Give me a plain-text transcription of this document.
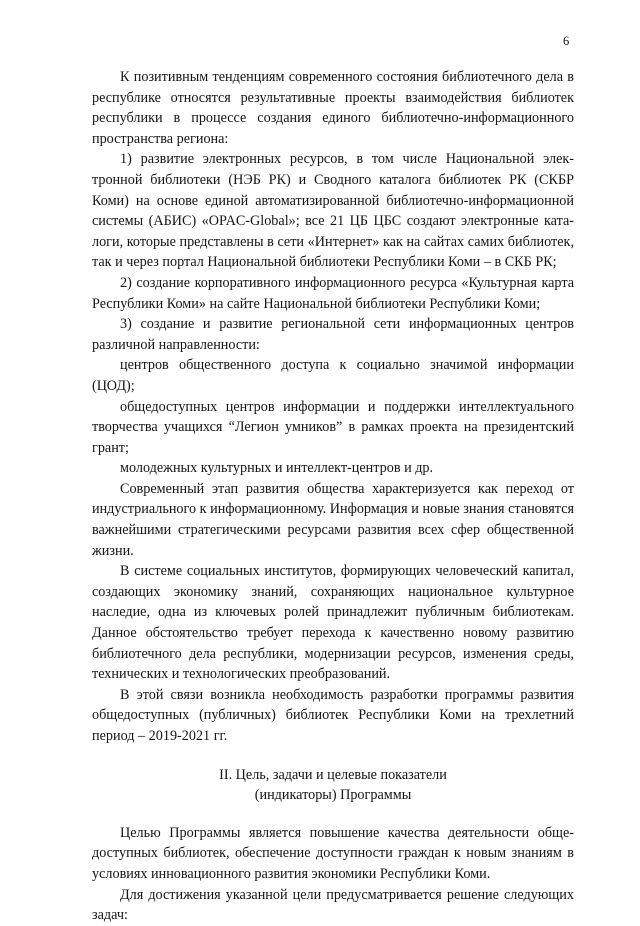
6

К позитивным тенденциям современного состояния библиотечного дела в республике относятся результативные проекты взаимодействия библиотек республики в процессе создания единого библиотечно-информационного пространства региона:

1) развитие электронных ресурсов, в том числе Национальной электронной библиотеки (НЭБ РК) и Сводного каталога библиотек РК (СКБР Коми) на основе единой автоматизированной библиотечно-информационной системы (АБИС) «OPAC-Global»; все 21 ЦБ ЦБС создают электронные каталоги, которые представлены в сети «Интернет» как на сайтах самих библиотек, так и через портал Национальной библиотеки Республики Коми – в СКБ РК;

2) создание корпоративного информационного ресурса «Культурная карта Республики Коми» на сайте Национальной библиотеки Республики Коми;

3) создание и развитие региональной сети информационных центров различной направленности:

центров общественного доступа к социально значимой информации (ЦОД);

общедоступных центров информации и поддержки интеллектуального творчества учащихся “Легион умников” в рамках проекта на президентский грант;

молодежных культурных и интеллект-центров и др.

Современный этап развития общества характеризуется как переход от индустриального к информационному. Информация и новые знания становятся важнейшими стратегическими ресурсами развития всех сфер общественной жизни.

В системе социальных институтов, формирующих человеческий капитал, создающих экономику знаний, сохраняющих национальное культурное наследие, одна из ключевых ролей принадлежит публичным библиотекам. Данное обстоятельство требует перехода к качественно новому развитию библиотечного дела республики, модернизации ресурсов, изменения среды, технических и технологических преобразований.

В этой связи возникла необходимость разработки программы развития общедоступных (публичных) библиотек Республики Коми на трехлетний период – 2019-2021 гг.

II. Цель, задачи и целевые показатели
(индикаторы) Программы

Целью Программы является повышение качества деятельности общедоступных библиотек, обеспечение доступности граждан к новым знаниям в условиях инновационного развития экономики Республики Коми.

Для достижения указанной цели предусматривается решение следующих задач:
